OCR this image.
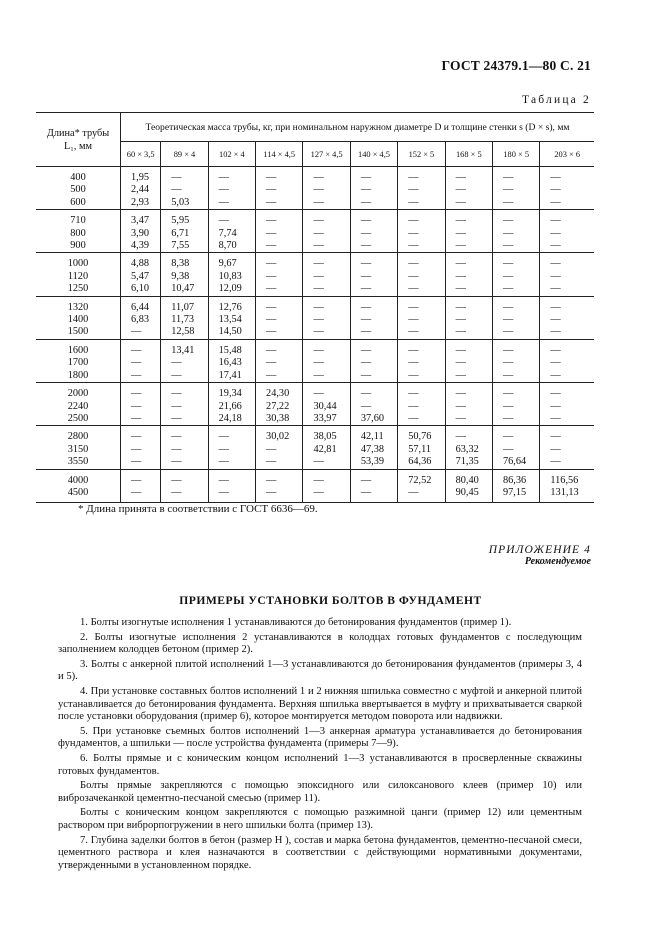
ГОСТ 24379.1—80 С. 21
Таблица 2
Длина* трубы
L₁, мм	Теоретическая масса трубы, кг, при номинальном наружном диаметре D и толщине стенки s (D × s), мм									
	60 × 3,5	89 × 4	102 × 4	114 × 4,5	127 × 4,5	140 × 4,5	152 × 5	168 × 5	180 × 5	203 × 6
400	1,95	—	—	—	—	—	—	—	—	—
500	2,44	—	—	—	—	—	—	—	—	—
600	2,93	5,03	—	—	—	—	—	—	—	—
710	3,47	5,95	—	—	—	—	—	—	—	—
800	3,90	6,71	7,74	—	—	—	—	—	—	—
900	4,39	7,55	8,70	—	—	—	—	—	—	—
1000	4,88	8,38	9,67	—	—	—	—	—	—	—
1120	5,47	9,38	10,83	—	—	—	—	—	—	—
1250	6,10	10,47	12,09	—	—	—	—	—	—	—
1320	6,44	11,07	12,76	—	—	—	—	—	—	—
1400	6,83	11,73	13,54	—	—	—	—	—	—	—
1500	—	12,58	14,50	—	—	—	—	—	—	—
1600	—	13,41	15,48	—	—	—	—	—	—	—
1700	—	—	16,43	—	—	—	—	—	—	—
1800	—	—	17,41	—	—	—	—	—	—	—
2000	—	—	19,34	24,30	—	—	—	—	—	—
2240	—	—	21,66	27,22	30,44	—	—	—	—	—
2500	—	—	24,18	30,38	33,97	37,60	—	—	—	—
2800	—	—	—	30,02	38,05	42,11	50,76	—	—	—
3150	—	—	—	—	42,81	47,38	57,11	63,32	—	—
3550	—	—	—	—	—	53,39	64,36	71,35	76,64	—
4000	—	—	—	—	—	—	72,52	80,40	86,36	116,56
4500	—	—	—	—	—	—	—	90,45	97,15	131,13
* Длина принята в соответствии с ГОСТ 6636—69.
ПРИЛОЖЕНИЕ 4
Рекомендуемое
ПРИМЕРЫ УСТАНОВКИ БОЛТОВ В ФУНДАМЕНТ

1. Болты изогнутые исполнения 1 устанавливаются до бетонирования фундаментов (пример 1).

2. Болты изогнутые исполнения 2 устанавливаются в колодцах готовых фундаментов с последующим заполнением колодцев бетоном (пример 2).

3. Болты с анкерной плитой исполнений 1—3 устанавливаются до бетонирования фундаментов (примеры 3, 4 и 5).

4. При установке составных болтов исполнений 1 и 2 нижняя шпилька совместно с муфтой и анкерной плитой устанавливается до бетонирования фундамента. Верхняя шпилька ввертывается в муфту и прихватывается сваркой после установки оборудования (пример 6), которое монтируется методом поворота или надвижки.

5. При установке съемных болтов исполнений 1—3 анкерная арматура устанавливается до бетонирования фундаментов, а шпильки — после устройства фундамента (примеры 7—9).

6. Болты прямые и с коническим концом исполнений 1—3 устанавливаются в просверленные скважины готовых фундаментов.

Болты прямые закрепляются с помощью эпоксидного или силоксанового клеев (пример 10) или виброзачеканкой цементно-песчаной смесью (пример 11).

Болты с коническим концом закрепляются с помощью разжимной цанги (пример 12) или цементным раствором при виброрпогружении в него шпильки болта (пример 13).

7. Глубина заделки болтов в бетон (размер H ), состав и марка бетона фундаментов, цементно-песчаной смеси, цементного раствора и клея назначаются в соответствии с действующими нормативными документами, утвержденными в установленном порядке.
